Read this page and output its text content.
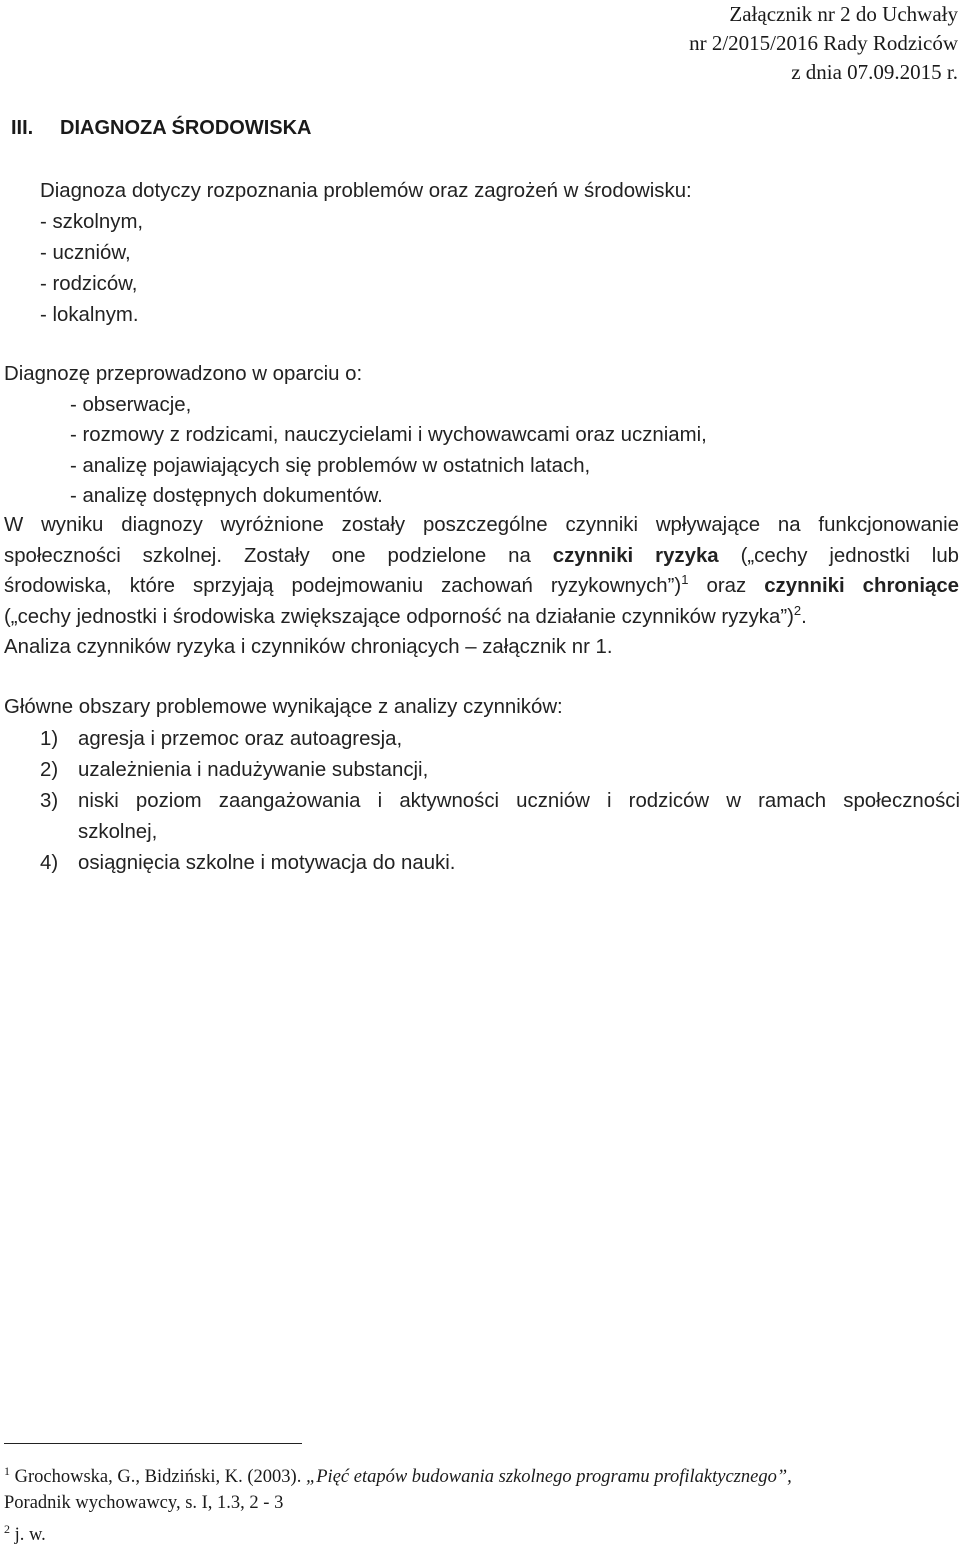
Załącznik nr 2 do Uchwały
nr 2/2015/2016 Rady Rodziców
z dnia 07.09.2015 r.
III. DIAGNOZA ŚRODOWISKA
Diagnoza dotyczy rozpoznania problemów oraz zagrożeń w środowisku:
- szkolnym,
- uczniów,
- rodziców,
- lokalnym.
Diagnozę przeprowadzono w oparciu o:
- obserwacje,
- rozmowy z rodzicami, nauczycielami i wychowawcami oraz uczniami,
- analizę pojawiających się problemów w ostatnich latach,
- analizę dostępnych dokumentów.
W wyniku diagnozy wyróżnione zostały poszczególne czynniki wpływające na funkcjonowanie
społeczności szkolnej. Zostały one podzielone na czynniki ryzyka („cechy jednostki lub
środowiska, które sprzyjają podejmowaniu zachowań ryzykownych”)$^1$ oraz czynniki chroniące
(„cechy jednostki i środowiska zwiększające odporność na działanie czynników ryzyka”)$^2$.
Analiza czynników ryzyka i czynników chroniących – załącznik nr 1.
Główne obszary problemowe wynikające z analizy czynników:
1) agresja i przemoc oraz autoagresja,
2) uzależnienia i nadużywanie substancji,
3) niski poziom zaangażowania i aktywności uczniów i rodziców w ramach społeczności
szkolnej,
4) osiągnięcia szkolne i motywacja do nauki.
$^1$ Grochowska, G., Bidziński, K. (2003). „Pięć etapów budowania szkolnego programu profilaktycznego”,
Poradnik wychowawcy, s. I, 1.3, 2 - 3
$^2$ j. w.
